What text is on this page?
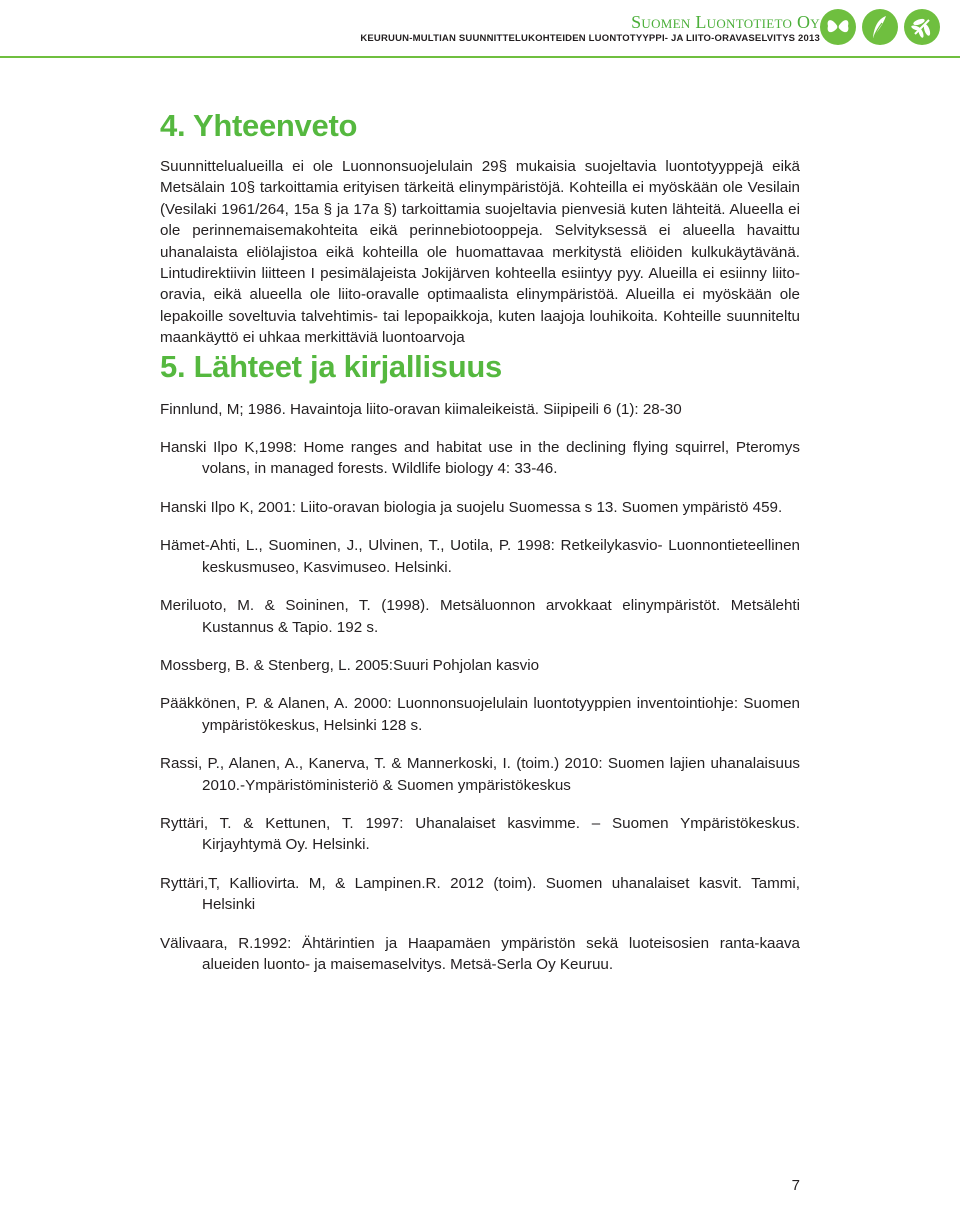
Suomen Luontotieto Oy
KEURUUN-MULTIAN SUUNNITTELUKOHTEIDEN LUONTOTYYPPI- JA LIITO-ORAVASELVITYS 2013
4. Yhteenveto

Suunnittelualueilla ei ole Luonnonsuojelulain 29§ mukaisia suojeltavia luontotyyppejä eikä Metsälain 10§ tarkoittamia erityisen tärkeitä elinympäristöjä. Kohteilla ei myöskään ole Vesilain (Vesilaki 1961/264, 15a § ja 17a §) tarkoittamia suojeltavia pienvesiä kuten lähteitä. Alueella ei ole perinnemaisemakohteita eikä perinnebiotooppeja. Selvityksessä ei alueella havaittu uhanalaista eliölajistoa eikä kohteilla ole huomattavaa merkitystä eliöiden kulkukäytävänä. Lintudirektiivin liitteen I pesimälajeista Jokijärven kohteella esiintyy pyy. Alueilla ei esiinny liito-oravia, eikä alueella ole liito-oravalle optimaalista elinympäristöä. Alueilla ei myöskään ole lepakoille soveltuvia talvehtimis- tai lepopaikkoja, kuten laajoja louhikoita. Kohteille suunniteltu maankäyttö ei uhkaa merkittäviä luontoarvoja

5. Lähteet ja kirjallisuus

Finnlund, M; 1986. Havaintoja liito-oravan kiimaleikeistä. Siipipeili 6 (1): 28-30

Hanski Ilpo K,1998: Home ranges and habitat use in the declining flying squirrel, Pteromys volans, in managed forests. Wildlife biology 4: 33-46.

Hanski Ilpo K, 2001: Liito-oravan biologia ja suojelu Suomessa s 13. Suomen ympäristö 459.

Hämet-Ahti, L., Suominen, J., Ulvinen, T., Uotila, P. 1998: Retkeilykasvio- Luonnontieteellinen keskusmuseo, Kasvimuseo. Helsinki.

Meriluoto, M. & Soininen, T. (1998). Metsäluonnon arvokkaat elinympäristöt. Metsälehti Kustannus & Tapio. 192 s.

Mossberg, B. & Stenberg, L. 2005:Suuri Pohjolan kasvio

Pääkkönen, P. & Alanen, A. 2000: Luonnonsuojelulain luontotyyppien inventointiohje: Suomen ympäristökeskus, Helsinki 128 s.

Rassi, P., Alanen, A., Kanerva, T. & Mannerkoski, I. (toim.) 2010: Suomen lajien uhanalaisuus 2010.-Ympäristöministeriö & Suomen ympäristökeskus

Ryttäri, T. & Kettunen, T. 1997: Uhanalaiset kasvimme. – Suomen Ympäristökeskus. Kirjayhtymä Oy. Helsinki.

Ryttäri,T, Kalliovirta. M, & Lampinen.R. 2012 (toim). Suomen uhanalaiset kasvit. Tammi, Helsinki

Välivaara, R.1992: Ähtärintien ja Haapamäen ympäristön sekä luoteisosien ranta-kaava alueiden luonto- ja maisemaselvitys. Metsä-Serla Oy Keuruu.

7
